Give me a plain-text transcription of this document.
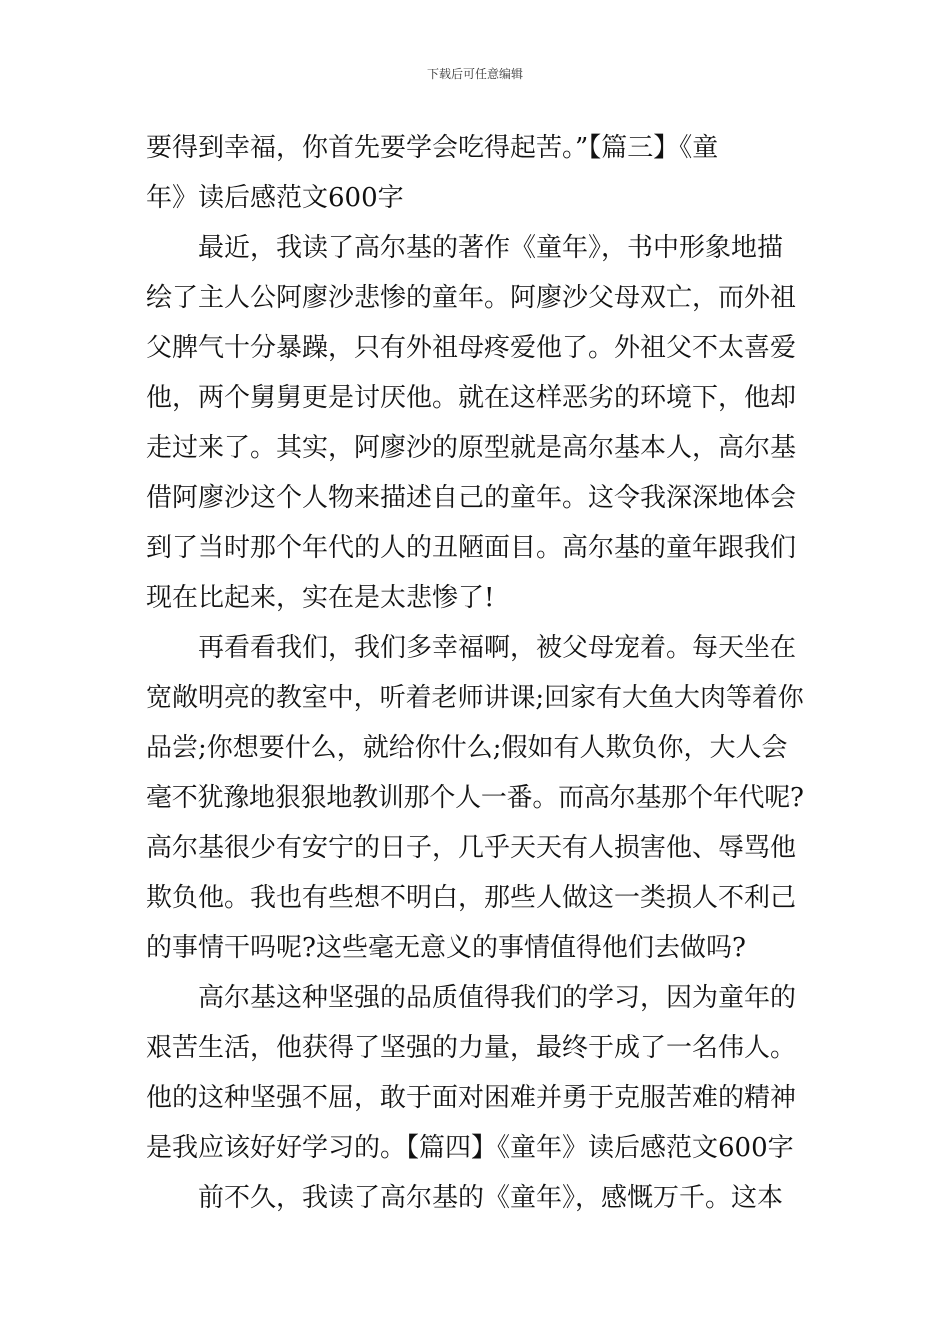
下载后可任意编辑
要得到幸福，你首先要学会吃得起苦。”【篇三】《童
年》读后感范文600字
最近，我读了高尔基的著作《童年》，书中形象地描
绘了主人公阿廖沙悲惨的童年。阿廖沙父母双亡，而外祖
父脾气十分暴躁，只有外祖母疼爱他了。外祖父不太喜爱
他，两个舅舅更是讨厌他。就在这样恶劣的环境下，他却
走过来了。其实，阿廖沙的原型就是高尔基本人，高尔基
借阿廖沙这个人物来描述自己的童年。这令我深深地体会
到了当时那个年代的人的丑陋面目。高尔基的童年跟我们
现在比起来，实在是太悲惨了!
再看看我们，我们多幸福啊，被父母宠着。每天坐在
宽敞明亮的教室中，听着老师讲课;回家有大鱼大肉等着你
品尝;你想要什么，就给你什么;假如有人欺负你，大人会
毫不犹豫地狠狠地教训那个人一番。而高尔基那个年代呢?
高尔基很少有安宁的日子，几乎天天有人损害他、辱骂他
欺负他。我也有些想不明白，那些人做这一类损人不利己
的事情干吗呢?这些毫无意义的事情值得他们去做吗?
高尔基这种坚强的品质值得我们的学习，因为童年的
艰苦生活，他获得了坚强的力量，最终于成了一名伟人。
他的这种坚强不屈，敢于面对困难并勇于克服苦难的精神
是我应该好好学习的。【篇四】《童年》读后感范文600字
前不久，我读了高尔基的《童年》，感慨万千。这本
